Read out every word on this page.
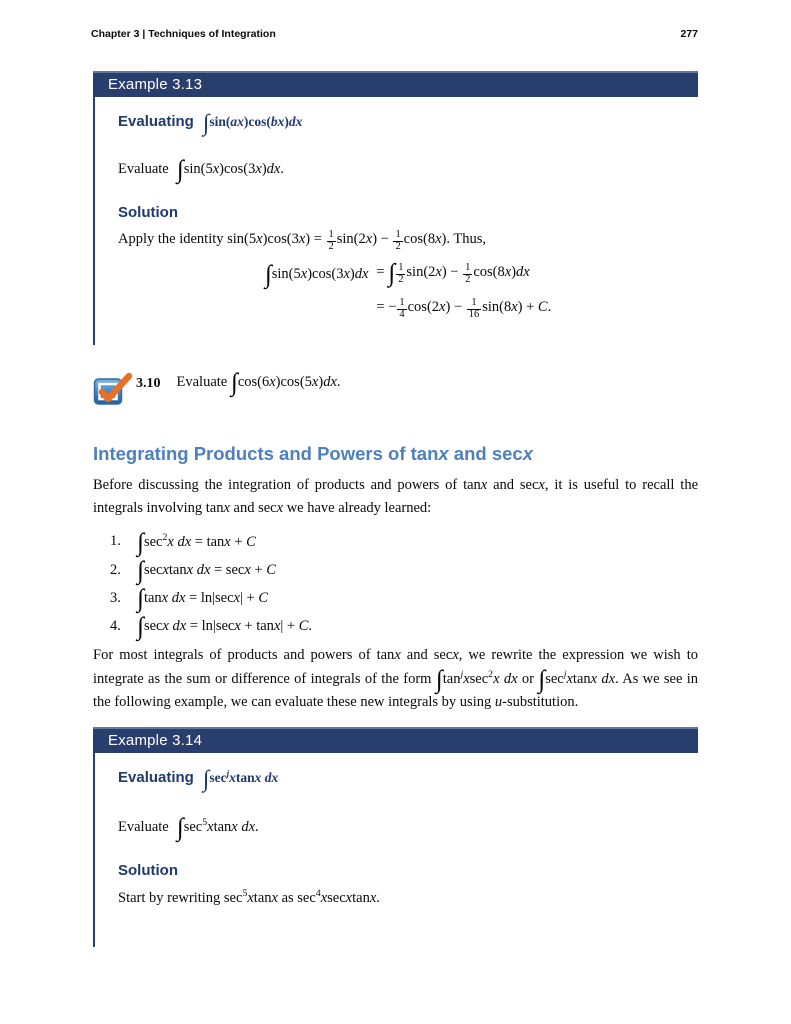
Chapter 3 | Techniques of Integration	277
Example 3.13
Evaluating ∫sin(ax)cos(bx)dx
Evaluate ∫sin(5x)cos(3x)dx.
Solution
Apply the identity $\sin(5x)\cos(3x) = \frac{1}{2} \sin(2x) - \frac{1}{2} \cos(8x)$. Thus,
∫sin(5x)cos(3x)dx = ∫ $\frac{1}{2} \sin(2x) - \frac{1}{2} \cos(8x)dx$
= − $\frac{1}{4} \cos(2x) - \frac{1}{16} \sin(8x) + C$.
3.10 Evaluate ∫cos(6x)cos(5x)dx.
Integrating Products and Powers of tanx and secx

Before discussing the integration of products and powers of tanx and secx, it is useful to recall the integrals involving tanx and secx we have already learned:

1. $\int\sec^2x$ dx = tanx + C
2. ∫secxtanx dx = secx + C
3. ∫tanx dx = ln|secx| + C
4. ∫secx dx = ln|secx + tanx| + C.

For most integrals of products and powers of tanx and secx, we rewrite the expression we wish to integrate as the sum or difference of integrals of the form $\int\tan^jxsec^2x$ dx or $\int\sec^jxtanx$ dx. As we see in the following example, we can evaluate these new integrals by using u-substitution.

Example 3.14
Evaluating $\int\sec^jxtanx$ dx
Evaluate $\int\sec^5xtanx$ dx.
Solution
Start by rewriting $\sec^5xtanx$ as $\sec^4xsecxtanx$.
